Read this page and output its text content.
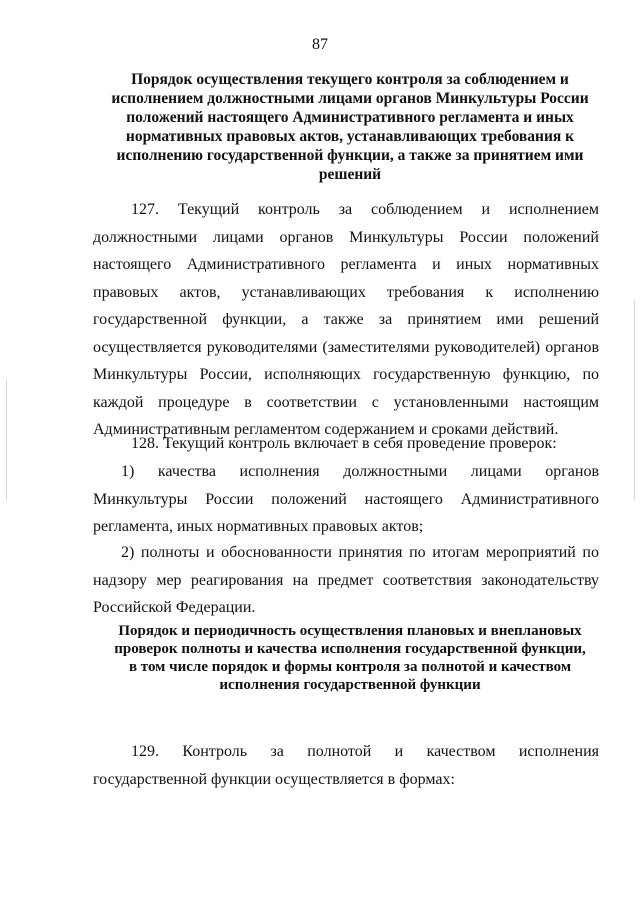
87
Порядок осуществления текущего контроля за соблюдением и исполнением должностными лицами органов Минкультуры России положений настоящего Административного регламента и иных нормативных правовых актов, устанавливающих требования к исполнению государственной функции, а также за принятием ими решений

127. Текущий контроль за соблюдением и исполнением должностными лицами органов Минкультуры России положений настоящего Административного регламента и иных нормативных правовых актов, устанавливающих требования к исполнению государственной функции, а также за принятием ими решений осуществляется руководителями (заместителями руководителей) органов Минкультуры России, исполняющих государственную функцию, по каждой процедуре в соответствии с установленными настоящим Административным регламентом содержанием и сроками действий.

128. Текущий контроль включает в себя проведение проверок:

1) качества исполнения должностными лицами органов Минкультуры России положений настоящего Административного регламента, иных нормативных правовых актов;

2) полноты и обоснованности принятия по итогам мероприятий по надзору мер реагирования на предмет соответствия законодательству Российской Федерации.

Порядок и периодичность осуществления плановых и внеплановых проверок полноты и качества исполнения государственной функции, в том числе порядок и формы контроля за полнотой и качеством исполнения государственной функции

129. Контроль за полнотой и качеством исполнения государственной функции осуществляется в формах:
